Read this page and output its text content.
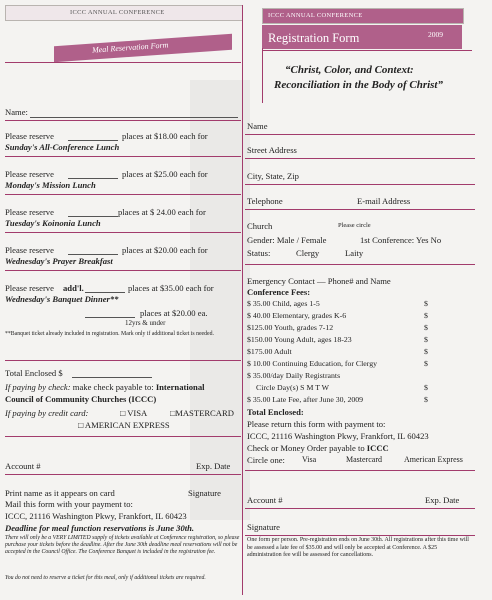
ICCC ANNUAL CONFERENCE
Meal Reservation Form
Name:
Please reserve	places at $18.00 each for
Sunday's All-Conference Lunch
Please reserve	places at $25.00 each for
Monday's Mission Lunch
Please reserve	places at $ 24.00 each for
Tuesday's Koinonia Lunch
Please reserve	places at $20.00 each for
Wednesday's Prayer Breakfast
Please reserve add'l.	places at $35.00 each for
Wednesday's Banquet Dinner**
places at $20.00 ea.
12yrs & under
**Banquet ticket already included in registration. Mark only if additional ticket is needed.
Total Enclosed $
If paying by check: make check payable to: International
Council of Community Churches (ICCC)
If paying by credit card:	□ VISA	□MASTERCARD
□ AMERICAN EXPRESS
Account #	Exp. Date
Print name as it appears on card	Signature
Mail this form with your payment to:
ICCC, 21116 Washington Pkwy, Frankfort, IL 60423
Deadline for meal function reservations is June 30th.
There will only be a VERY LIMITED supply of tickets available at Conference registration, so please purchase your tickets before the deadline. After the June 30th deadline meal reservations will not be accepted in the Council Office. The Conference Banquet is included in the registration fee.
You do not need to reserve a ticket for this meal, only if additional tickets are required.
ICCC ANNUAL CONFERENCE
Registration Form	2009
“Christ, Color, and Context:
Reconciliation in the Body of Christ”
Name
Street Address
City, State, Zip
Telephone	E-mail Address
Church	Please circle
Gender: Male / Female	1st Conference: Yes No
Status:	Clergy	Laity
Emergency Contact — Phone# and Name
Conference Fees:
$ 35.00 Child, ages 1-5	$
$ 40.00 Elementary, grades K-6	$
$125.00 Youth, grades 7-12	$
$150.00 Young Adult, ages 18-23	$
$175.00 Adult	$
$ 10.00 Continuing Education, for Clergy	$
$ 35.00/day Daily Registrants
Circle Day(s) S M T W	$
$ 35.00 Late Fee, after June 30, 2009	$
Total Enclosed:
Please return this form with payment to:
ICCC, 21116 Washington Pkwy, Frankfort, IL 60423
Check or Money Order payable to ICCC
Circle one: Visa	Mastercard	American Express
Account #	Exp. Date
Signature
One form per person. Pre-registration ends on June 30th. All registrations after this time will be assessed a late fee of $35.00 and will only be accepted at Conference. A $25 administration fee will be assessed for cancellations.
